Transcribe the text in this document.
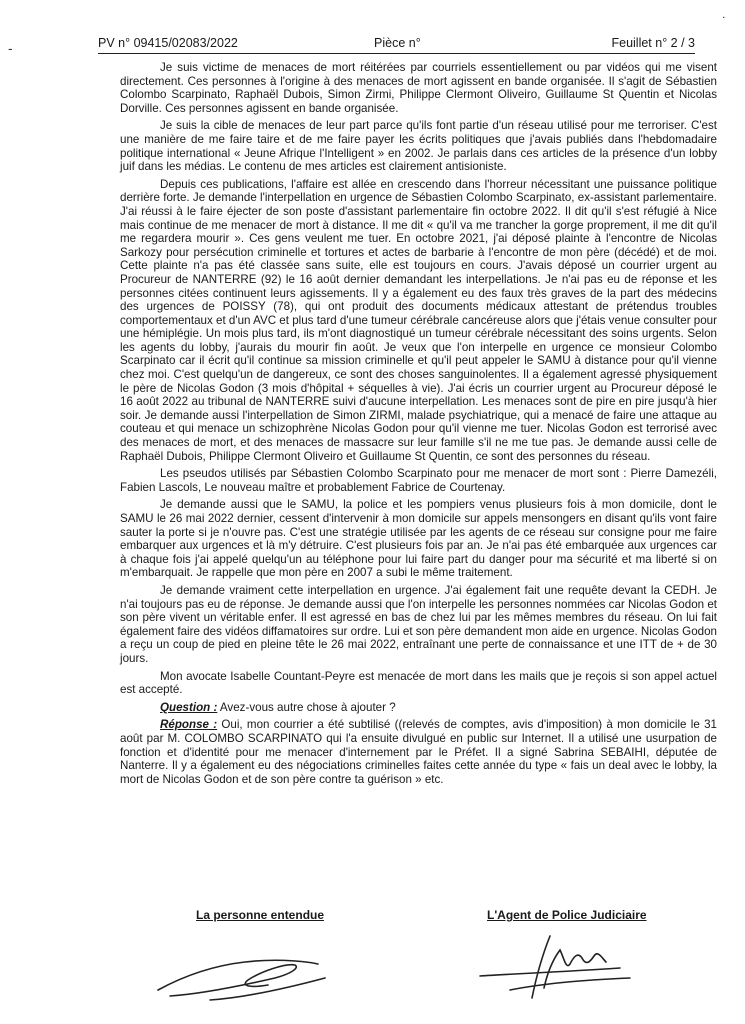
-
˙
PV n° 09415/02083/2022	Pièce n°	Feuillet n° 2 / 3

Je suis victime de menaces de mort réitérées par courriels essentiellement ou par vidéos qui me visent directement. Ces personnes à l'origine à des menaces de mort agissent en bande organisée. Il s'agit de Sébastien Colombo Scarpinato, Raphaël Dubois, Simon Zirmi, Philippe Clermont Oliveiro, Guillaume St Quentin et Nicolas Dorville. Ces personnes agissent en bande organisée.

Je suis la cible de menaces de leur part parce qu'ils font partie d'un réseau utilisé pour me terroriser. C'est une manière de me faire taire et de me faire payer les écrits politiques que j'avais publiés dans l'hebdomadaire politique international « Jeune Afrique l'Intelligent » en 2002. Je parlais dans ces articles de la présence d'un lobby juif dans les médias. Le contenu de mes articles est clairement antisioniste.

Depuis ces publications, l'affaire est allée en crescendo dans l'horreur nécessitant une puissance politique derrière forte. Je demande l'interpellation en urgence de Sébastien Colombo Scarpinato, ex-assistant parlementaire. J'ai réussi à le faire éjecter de son poste d'assistant parlementaire fin octobre 2022. Il dit qu'il s'est réfugié à Nice mais continue de me menacer de mort à distance. Il me dit « qu'il va me trancher la gorge proprement, il me dit qu'il me regardera mourir ». Ces gens veulent me tuer. En octobre 2021, j'ai déposé plainte à l'encontre de Nicolas Sarkozy pour persécution criminelle et tortures et actes de barbarie à l'encontre de mon père (décédé) et de moi. Cette plainte n'a pas été classée sans suite, elle est toujours en cours. J'avais déposé un courrier urgent au Procureur de NANTERRE (92) le 16 août dernier demandant les interpellations. Je n'ai pas eu de réponse et les personnes citées continuent leurs agissements. Il y a également eu des faux très graves de la part des médecins des urgences de POISSY (78), qui ont produit des documents médicaux attestant de prétendus troubles comportementaux et d'un AVC et plus tard d'une tumeur cérébrale cancéreuse alors que j'étais venue consulter pour une hémiplégie. Un mois plus tard, ils m'ont diagnostiqué un tumeur cérébrale nécessitant des soins urgents. Selon les agents du lobby, j'aurais du mourir fin août. Je veux que l'on interpelle en urgence ce monsieur Colombo Scarpinato car il écrit qu'il continue sa mission criminelle et qu'il peut appeler le SAMU à distance pour qu'il vienne chez moi. C'est quelqu'un de dangereux, ce sont des choses sanguinolentes. Il a également agressé physiquement le père de Nicolas Godon (3 mois d'hôpital + séquelles à vie). J'ai écris un courrier urgent au Procureur déposé le 16 août 2022 au tribunal de NANTERRE suivi d'aucune interpellation. Les menaces sont de pire en pire jusqu'à hier soir. Je demande aussi l'interpellation de Simon ZIRMI, malade psychiatrique, qui a menacé de faire une attaque au couteau et qui menace un schizophrène Nicolas Godon pour qu'il vienne me tuer. Nicolas Godon est terrorisé avec des menaces de mort, et des menaces de massacre sur leur famille s'il ne me tue pas. Je demande aussi celle de Raphaël Dubois, Philippe Clermont Oliveiro et Guillaume St Quentin, ce sont des personnes du réseau.

Les pseudos utilisés par Sébastien Colombo Scarpinato pour me menacer de mort sont : Pierre Damezéli, Fabien Lascols, Le nouveau maître et probablement Fabrice de Courtenay.

Je demande aussi que le SAMU, la police et les pompiers venus plusieurs fois à mon domicile, dont le SAMU le 26 mai 2022 dernier, cessent d'intervenir à mon domicile sur appels mensongers en disant qu'ils vont faire sauter la porte si je n'ouvre pas. C'est une stratégie utilisée par les agents de ce réseau sur consigne pour me faire embarquer aux urgences et là m'y détruire. C'est plusieurs fois par an. Je n'ai pas été embarquée aux urgences car à chaque fois j'ai appelé quelqu'un au téléphone pour lui faire part du danger pour ma sécurité et ma liberté si on m'embarquait. Je rappelle que mon père en 2007 a subi le même traitement.

Je demande vraiment cette interpellation en urgence. J'ai également fait une requête devant la CEDH. Je n'ai toujours pas eu de réponse. Je demande aussi que l'on interpelle les personnes nommées car Nicolas Godon et son père vivent un véritable enfer. Il est agressé en bas de chez lui par les mêmes membres du réseau. On lui fait également faire des vidéos diffamatoires sur ordre. Lui et son père demandent mon aide en urgence. Nicolas Godon a reçu un coup de pied en pleine tête le 26 mai 2022, entraînant une perte de connaissance et une ITT de + de 30 jours.

Mon avocate Isabelle Countant-Peyre est menacée de mort dans les mails que je reçois si son appel actuel est accepté.

Question : Avez-vous autre chose à ajouter ?

Réponse : Oui, mon courrier a été subtilisé ((relevés de comptes, avis d'imposition) à mon domicile le 31 août par M. COLOMBO SCARPINATO qui l'a ensuite divulgué en public sur Internet. Il a utilisé une usurpation de fonction et d'identité pour me menacer d'internement par le Préfet. Il a signé Sabrina SEBAIHI, députée de Nanterre. Il y a également eu des négociations criminelles faites cette année du type « fais un deal avec le lobby, la mort de Nicolas Godon et de son père contre ta guérison » etc.

La personne entendue	L'Agent de Police Judiciaire
